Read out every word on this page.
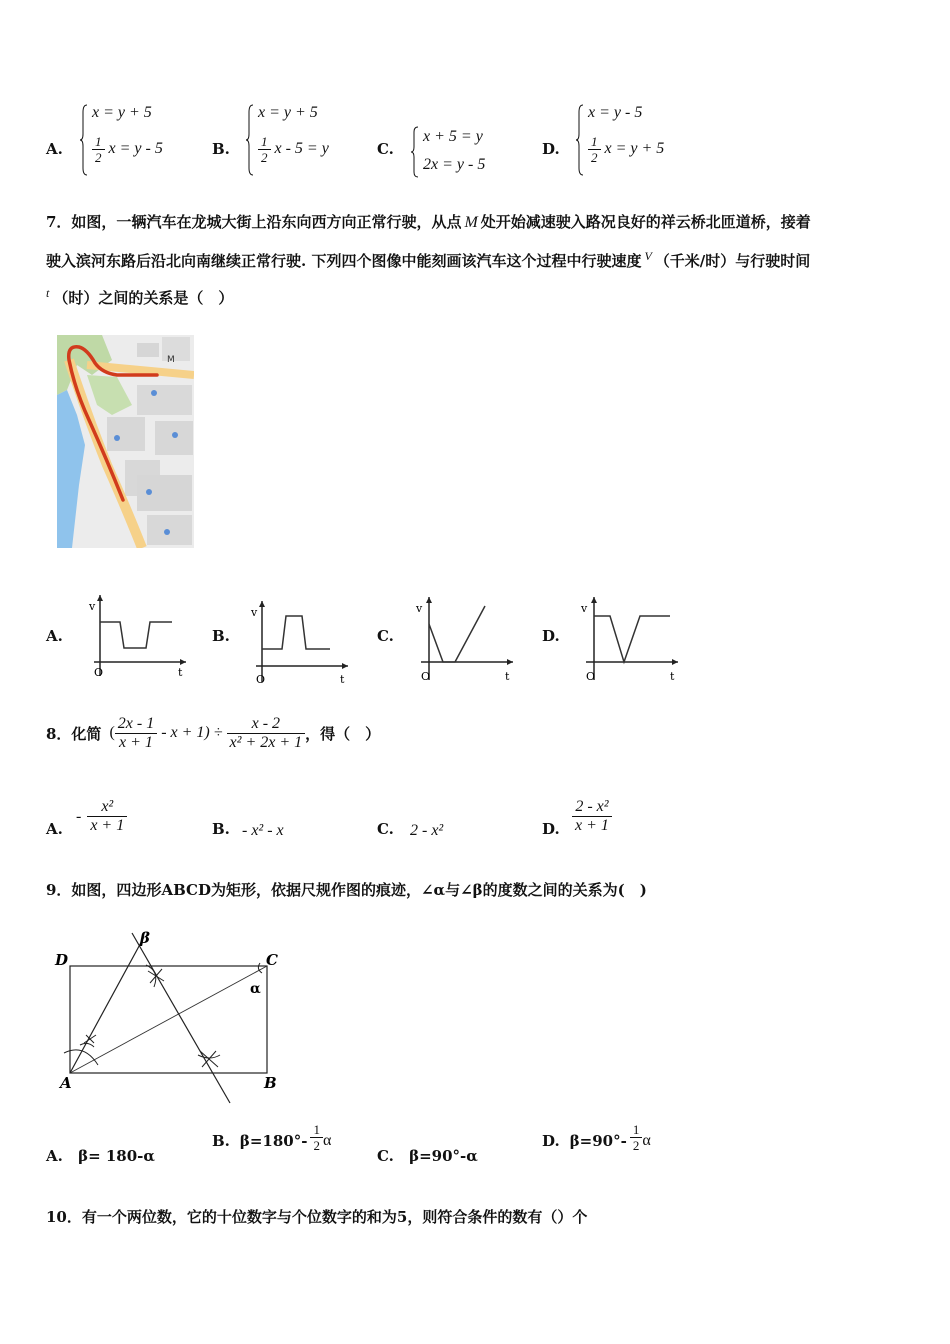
A.
x = y + 5
$\frac{1}{2}$ x = y - 5	B.
x = y + 5
$\frac{1}{2}$ x - 5 = y	C.
x + 5 = y
2x = y - 5
D.
x = y - 5
$\frac{1}{2}$ x = y + 5
7．如图，一辆汽车在龙城大街上沿东向西方向正常行驶，从点 M 处开始减速驶入路况良好的祥云桥北匝道桥，接着
驶入滨河东路后沿北向南继续正常行驶. 下列四个图像中能刻画该汽车这个过程中行驶速度 $^V$ （千米/时）与行驶时间
$^t$ （时）之间的关系是（　）
M
A.
v
O	t
B.
v
O	t
C.
v
O	t
D.
v
O	t
8．化简 ( $\frac{2x - 1}{x + 1} - x + 1) \div \frac{x - 2}{\text{x² + 2x + 1}}$ ，得（　）
A.
- $\frac{\text{x²}}{x + 1}$	B. - x² - x	C. 2 - x²	D. $\frac{\text{2 - x²}}{x + 1}$
9．如图，四边形ABCD为矩形，依据尺规作图的痕迹，∠α与∠β的度数之间的关系为(　)
D	C
A	B
α
β
A. β= 180-α
B. $\beta=180^\circ- \frac{1}{2}$ α
C. β=90°-α
D. $\beta=90^\circ- \frac{1}{2}$ α
10．有一个两位数，它的十位数字与个位数字的和为5，则符合条件的数有（）个
